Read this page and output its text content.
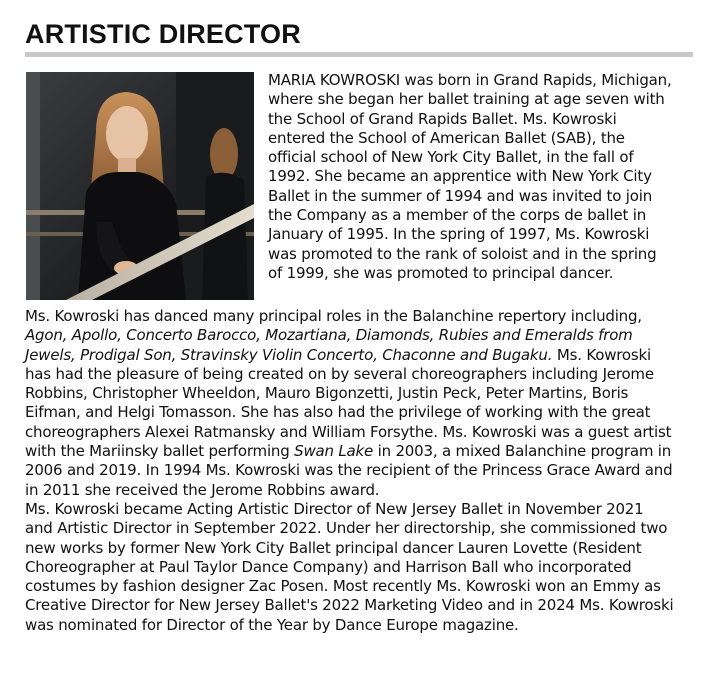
ARTISTIC DIRECTOR
MARIA KOWROSKI was born in Grand Rapids, Michigan,
where she began her ballet training at age seven with
the School of Grand Rapids Ballet. Ms. Kowroski
entered the School of American Ballet (SAB), the
official school of New York City Ballet, in the fall of
1992. She became an apprentice with New York City
Ballet in the summer of 1994 and was invited to join
the Company as a member of the corps de ballet in
January of 1995. In the spring of 1997, Ms. Kowroski
was promoted to the rank of soloist and in the spring
of 1999, she was promoted to principal dancer.
Ms. Kowroski has danced many principal roles in the Balanchine repertory including,
Agon, Apollo, Concerto Barocco, Mozartiana, Diamonds, Rubies and Emeralds from
Jewels, Prodigal Son, Stravinsky Violin Concerto, Chaconne and Bugaku. Ms. Kowroski
has had the pleasure of being created on by several choreographers including Jerome
Robbins, Christopher Wheeldon, Mauro Bigonzetti, Justin Peck, Peter Martins, Boris
Eifman, and Helgi Tomasson. She has also had the privilege of working with the great
choreographers Alexei Ratmansky and William Forsythe. Ms. Kowroski was a guest artist
with the Mariinsky ballet performing Swan Lake in 2003, a mixed Balanchine program in
2006 and 2019. In 1994 Ms. Kowroski was the recipient of the Princess Grace Award and
in 2011 she received the Jerome Robbins award.
Ms. Kowroski became Acting Artistic Director of New Jersey Ballet in November 2021
and Artistic Director in September 2022. Under her directorship, she commissioned two
new works by former New York City Ballet principal dancer Lauren Lovette (Resident
Choreographer at Paul Taylor Dance Company) and Harrison Ball who incorporated
costumes by fashion designer Zac Posen. Most recently Ms. Kowroski won an Emmy as
Creative Director for New Jersey Ballet's 2022 Marketing Video and in 2024 Ms. Kowroski
was nominated for Director of the Year by Dance Europe magazine.
